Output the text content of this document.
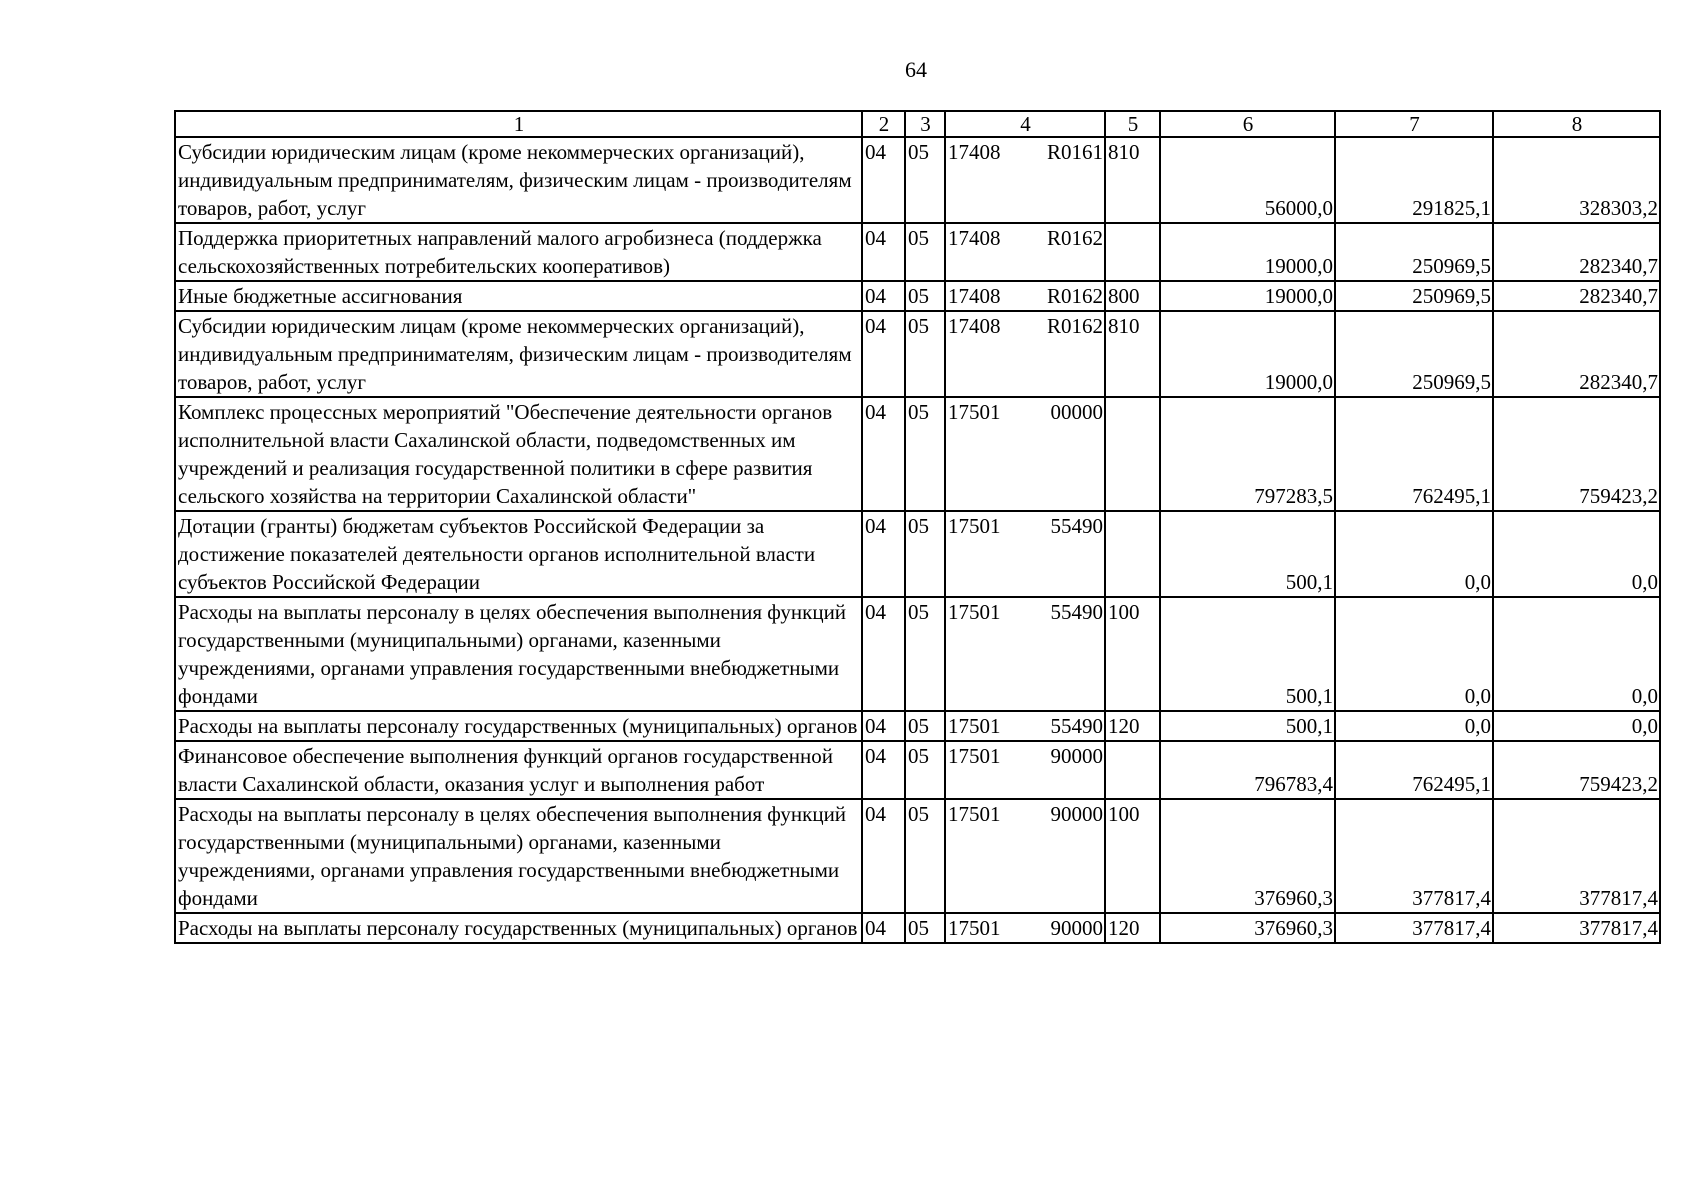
64
1	2	3	4	5	6	7	8
Субсидии юридическим лицам (кроме некоммерческих организаций), индивидуальным предпринимателям, физическим лицам - производителям товаров, работ, услуг	04	05	17408 R0161	810	56000,0	291825,1	328303,2
Поддержка приоритетных направлений малого агробизнеса (поддержка сельскохозяйственных потребительских кооперативов)	04	05	17408 R0162		19000,0	250969,5	282340,7
Иные бюджетные ассигнования	04	05	17408 R0162	800	19000,0	250969,5	282340,7
Субсидии юридическим лицам (кроме некоммерческих организаций), индивидуальным предпринимателям, физическим лицам - производителям товаров, работ, услуг	04	05	17408 R0162	810	19000,0	250969,5	282340,7
Комплекс процессных мероприятий "Обеспечение деятельности органов исполнительной власти Сахалинской области, подведомственных им учреждений и реализация государственной политики в сфере развития сельского хозяйства на территории Сахалинской области"	04	05	17501 00000		797283,5	762495,1	759423,2
Дотации (гранты) бюджетам субъектов Российской Федерации за достижение показателей деятельности органов исполнительной власти субъектов Российской Федерации	04	05	17501 55490		500,1	0,0	0,0
Расходы на выплаты персоналу в целях обеспечения выполнения функций государственными (муниципальными) органами, казенными учреждениями, органами управления государственными внебюджетными фондами	04	05	17501 55490	100	500,1	0,0	0,0
Расходы на выплаты персоналу государственных (муниципальных) органов	04	05	17501 55490	120	500,1	0,0	0,0
Финансовое обеспечение выполнения функций органов государственной власти Сахалинской области, оказания услуг и выполнения работ	04	05	17501 90000		796783,4	762495,1	759423,2
Расходы на выплаты персоналу в целях обеспечения выполнения функций государственными (муниципальными) органами, казенными учреждениями, органами управления государственными внебюджетными фондами	04	05	17501 90000	100	376960,3	377817,4	377817,4
Расходы на выплаты персоналу государственных (муниципальных) органов	04	05	17501 90000	120	376960,3	377817,4	377817,4
